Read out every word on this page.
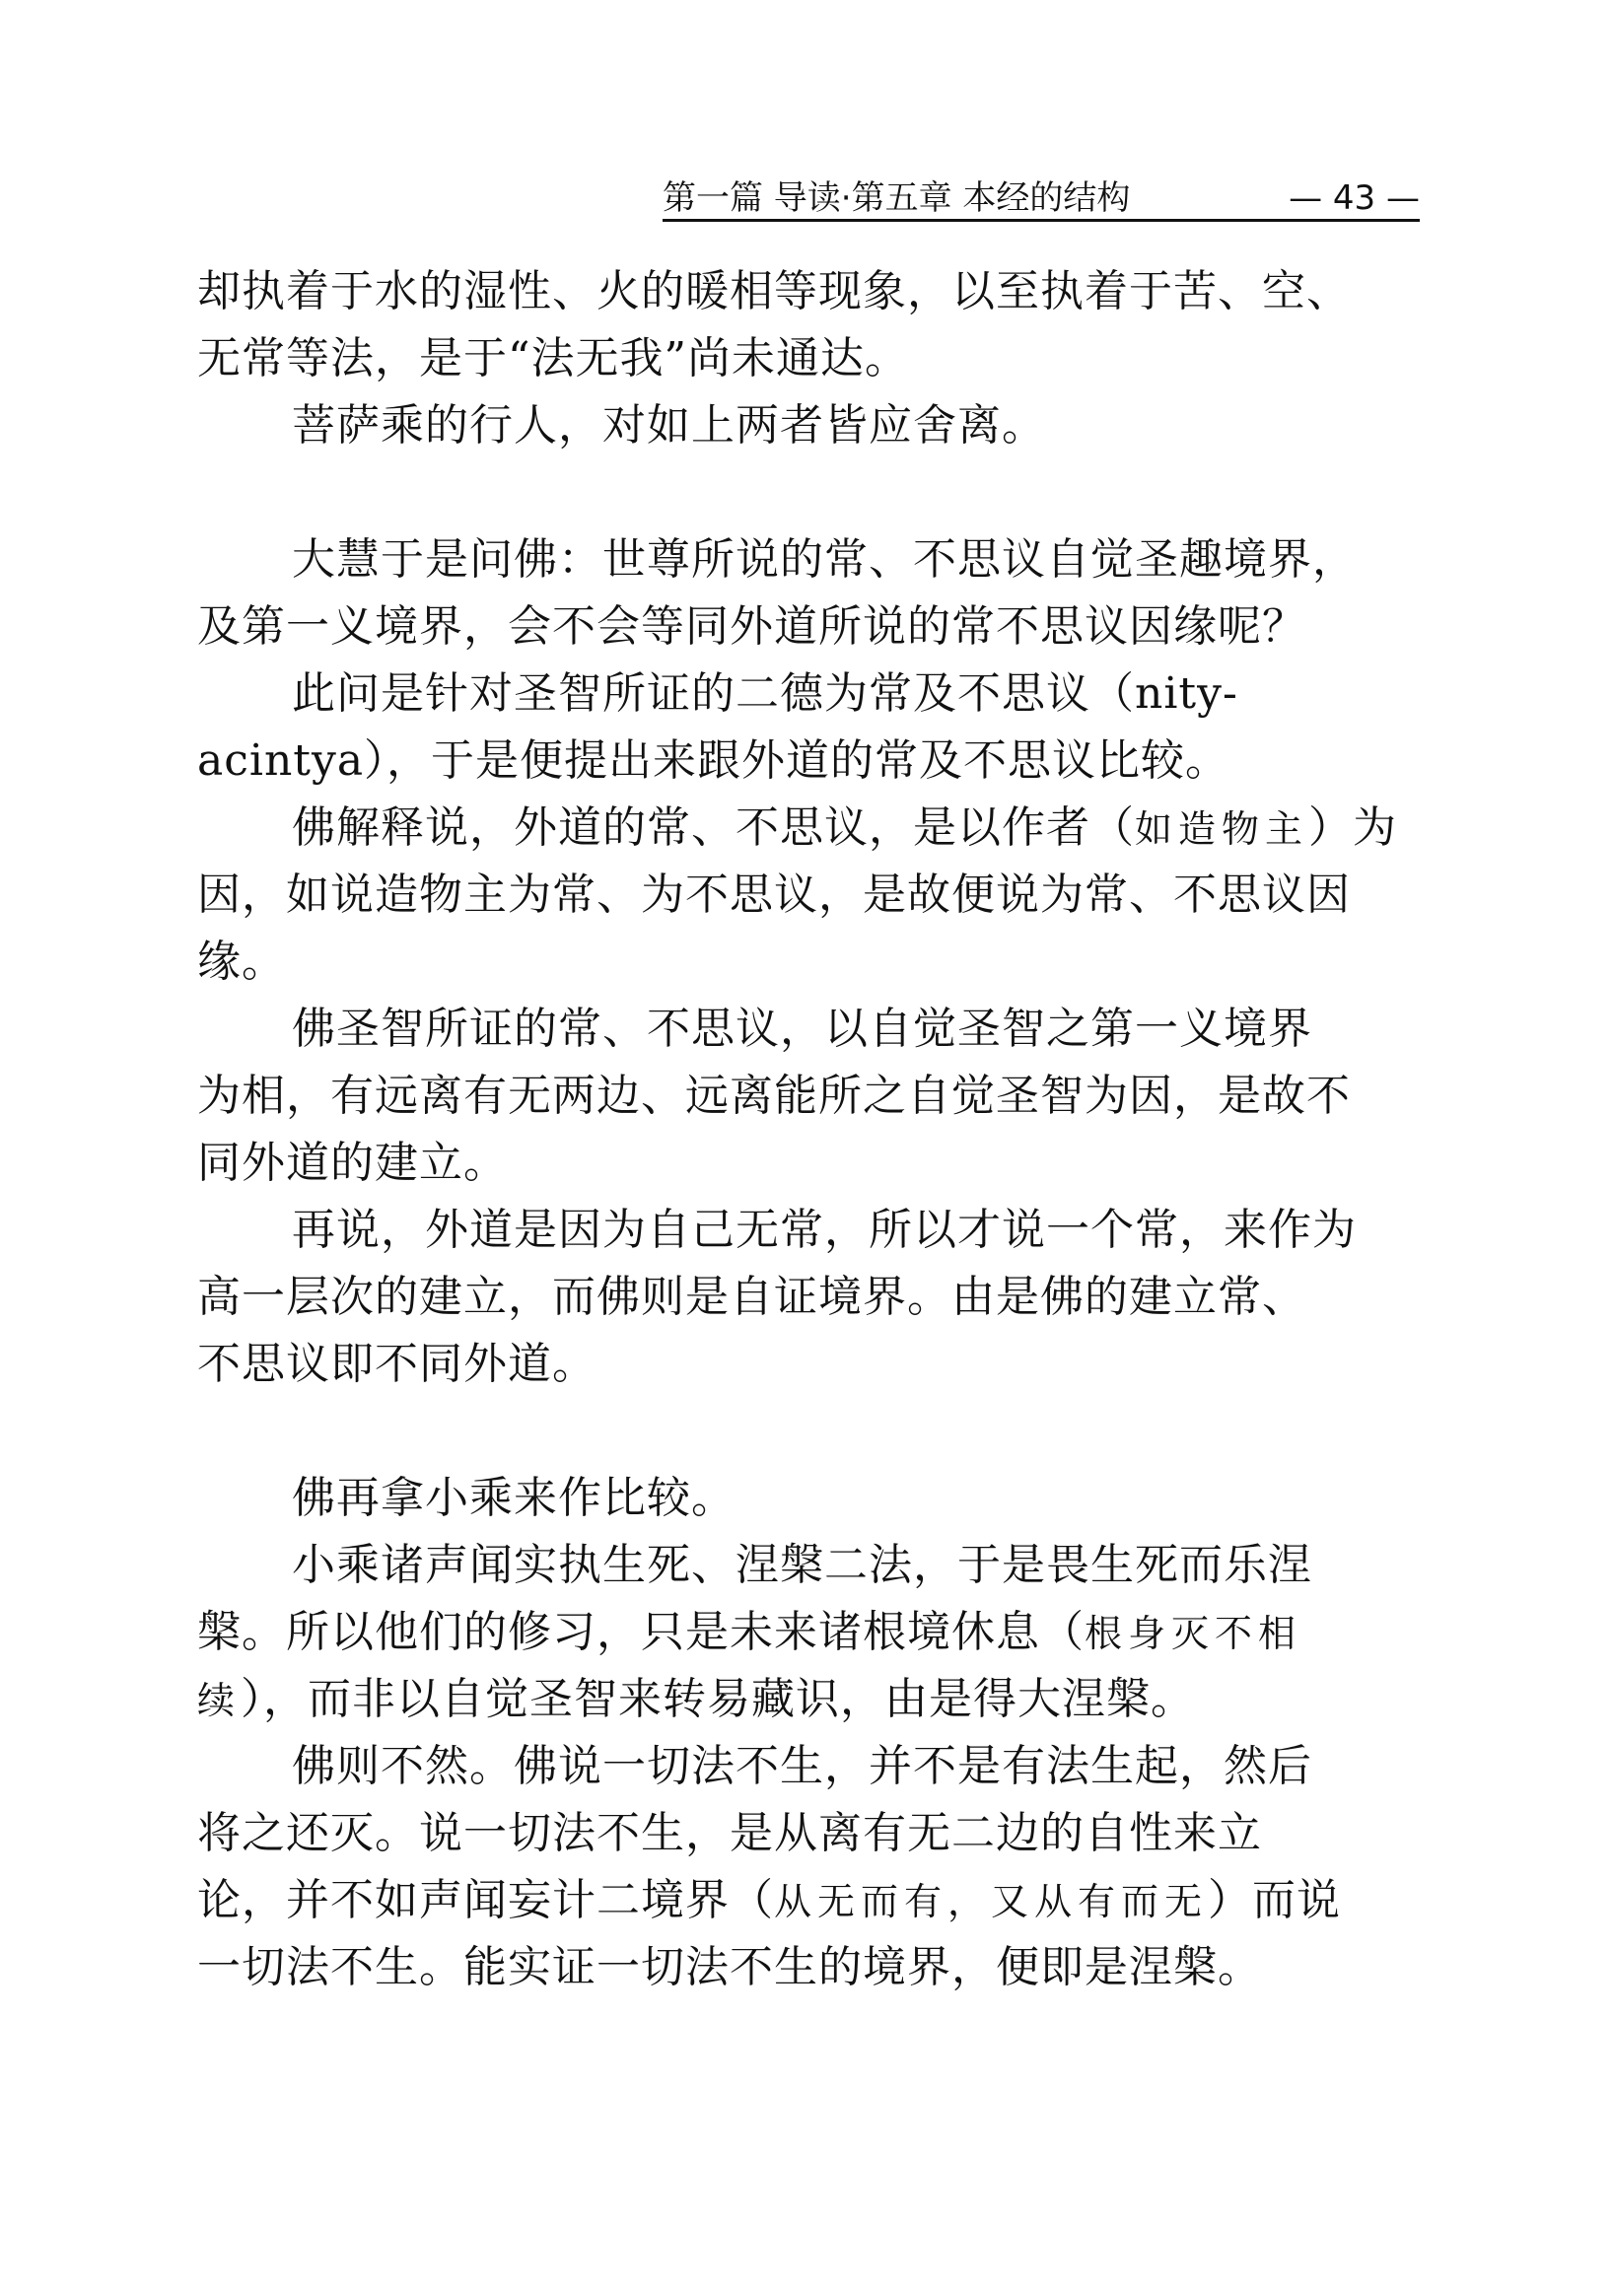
第一篇 导读·第五章 本经的结构	— 43 —
却执着于水的湿性、火的暖相等现象，以至执着于苦、空、
无常等法，是于“法无我”尚未通达。
菩萨乘的行人，对如上两者皆应舍离。
大慧于是问佛：世尊所说的常、不思议自觉圣趣境界，
及第一义境界，会不会等同外道所说的常不思议因缘呢？
此问是针对圣智所证的二德为常及不思议（nity-
acintya），于是便提出来跟外道的常及不思议比较。
佛解释说，外道的常、不思议，是以作者（如造物主）为
因，如说造物主为常、为不思议，是故便说为常、不思议因
缘。
佛圣智所证的常、不思议，以自觉圣智之第一义境界
为相，有远离有无两边、远离能所之自觉圣智为因，是故不
同外道的建立。
再说，外道是因为自己无常，所以才说一个常，来作为
高一层次的建立，而佛则是自证境界。由是佛的建立常、
不思议即不同外道。
佛再拿小乘来作比较。
小乘诸声闻实执生死、涅槃二法，于是畏生死而乐涅
槃。所以他们的修习，只是未来诸根境休息（根身灭不相
续），而非以自觉圣智来转易藏识，由是得大涅槃。
佛则不然。佛说一切法不生，并不是有法生起，然后
将之还灭。说一切法不生，是从离有无二边的自性来立
论，并不如声闻妄计二境界（从无而有，又从有而无）而说
一切法不生。能实证一切法不生的境界，便即是涅槃。
